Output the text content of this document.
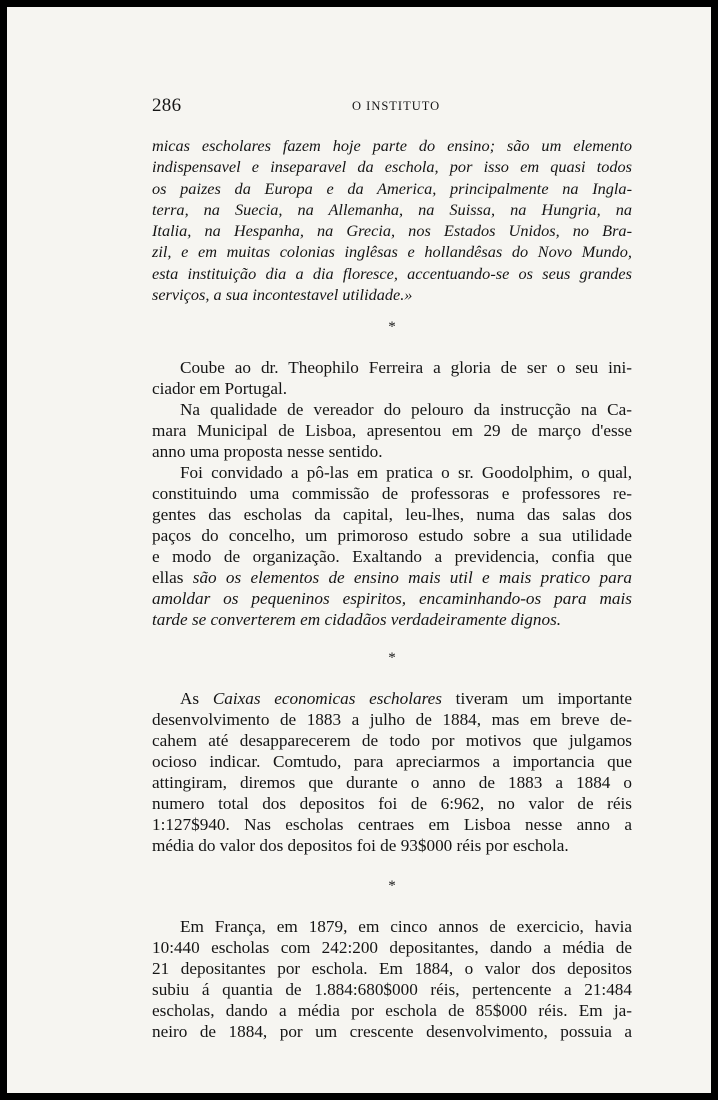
286	O INSTITUTO
micas escholares fazem hoje parte do ensino; são um elemento
indispensavel e inseparavel da eschola, por isso em quasi todos
os paizes da Europa e da America, principalmente na Ingla-
terra, na Suecia, na Allemanha, na Suissa, na Hungria, na
Italia, na Hespanha, na Grecia, nos Estados Unidos, no Bra-
zil, e em muitas colonias inglêsas e hollandêsas do Novo Mundo,
esta instituição dia a dia floresce, accentuando-se os seus grandes
serviços, a sua incontestavel utilidade.»
*
Coube ao dr. Theophilo Ferreira a gloria de ser o seu ini-
ciador em Portugal.
Na qualidade de vereador do pelouro da instrucção na Ca-
mara Municipal de Lisboa, apresentou em 29 de março d'esse
anno uma proposta nesse sentido.
Foi convidado a pô-las em pratica o sr. Goodolphim, o qual,
constituindo uma commissão de professoras e professores re-
gentes das escholas da capital, leu-lhes, numa das salas dos
paços do concelho, um primoroso estudo sobre a sua utilidade
e modo de organização. Exaltando a previdencia, confia que
ellas são os elementos de ensino mais util e mais pratico para
amoldar os pequeninos espiritos, encaminhando-os para mais
tarde se converterem em cidadãos verdadeiramente dignos.
*
As Caixas economicas escholares tiveram um importante
desenvolvimento de 1883 a julho de 1884, mas em breve de-
cahem até desapparecerem de todo por motivos que julgamos
ocioso indicar. Comtudo, para apreciarmos a importancia que
attingiram, diremos que durante o anno de 1883 a 1884 o
numero total dos depositos foi de 6:962, no valor de réis
1:127$940. Nas escholas centraes em Lisboa nesse anno a
média do valor dos depositos foi de 93$000 réis por eschola.
*
Em França, em 1879, em cinco annos de exercicio, havia
10:440 escholas com 242:200 depositantes, dando a média de
21 depositantes por eschola. Em 1884, o valor dos depositos
subiu á quantia de 1.884:680$000 réis, pertencente a 21:484
escholas, dando a média por eschola de 85$000 réis. Em ja-
neiro de 1884, por um crescente desenvolvimento, possuia a
